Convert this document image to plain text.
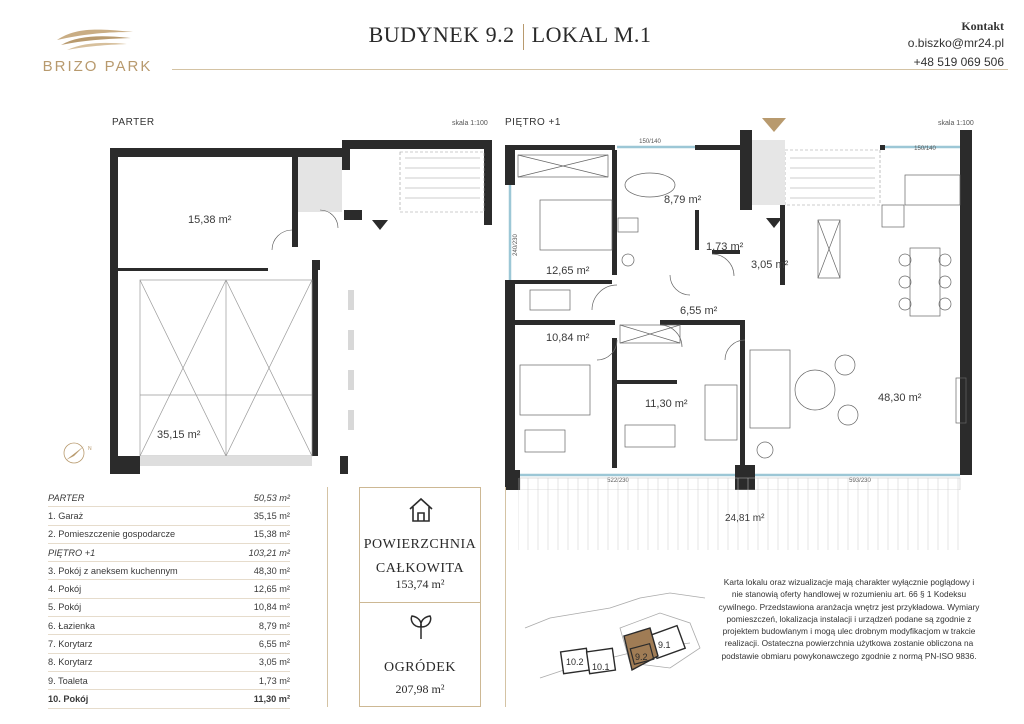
BRIZO PARK
BUDYNEK 9.2 LOKAL M.1	Kontakt
o.biszko@mr24.pl
+48 519 069 506
PARTER	skala 1:100
N
15,38 m²
35,15 m²
PIĘTRO +1	skala 1:100
150/140
150/140
240/230
522/230	593/230
8,79 m²
12,65 m²
1,73 m²
3,05 m²
6,55 m²
10,84 m²
11,30 m²	48,30 m²
24,81 m²
PARTER	50,53 m²
1. Garaż	35,15 m²
2. Pomieszczenie gospodarcze	15,38 m²
PIĘTRO +1	103,21 m²
3. Pokój z aneksem kuchennym	48,30 m²
4. Pokój	12,65 m²
5. Pokój	10,84 m²
6. Łazienka	8,79 m²
7. Korytarz	6,55 m²
8. Korytarz	3,05 m²
9. Toaleta	1,73 m²
10. Pokój	11,30 m²
POWIERZCHNIA
CAŁKOWITA
153,74 m²
OGRÓDEK
207,98 m²
10.2 10.1
9.2
9.1
Karta lokalu oraz wizualizacje mają charakter wyłącznie poglądowy i nie stanowią oferty handlowej w rozumieniu art. 66 § 1 Kodeksu cywilnego. Przedstawiona aranżacja wnętrz jest przykładowa. Wymiary pomieszczeń, lokalizacja instalacji i urządzeń podane są zgodnie z projektem budowlanym i mogą ulec drobnym modyfikacjom w trakcie realizacji. Ostateczna powierzchnia użytkowa zostanie obliczona na podstawie obmiaru powykonawczego zgodnie z normą PN-ISO 9836.
